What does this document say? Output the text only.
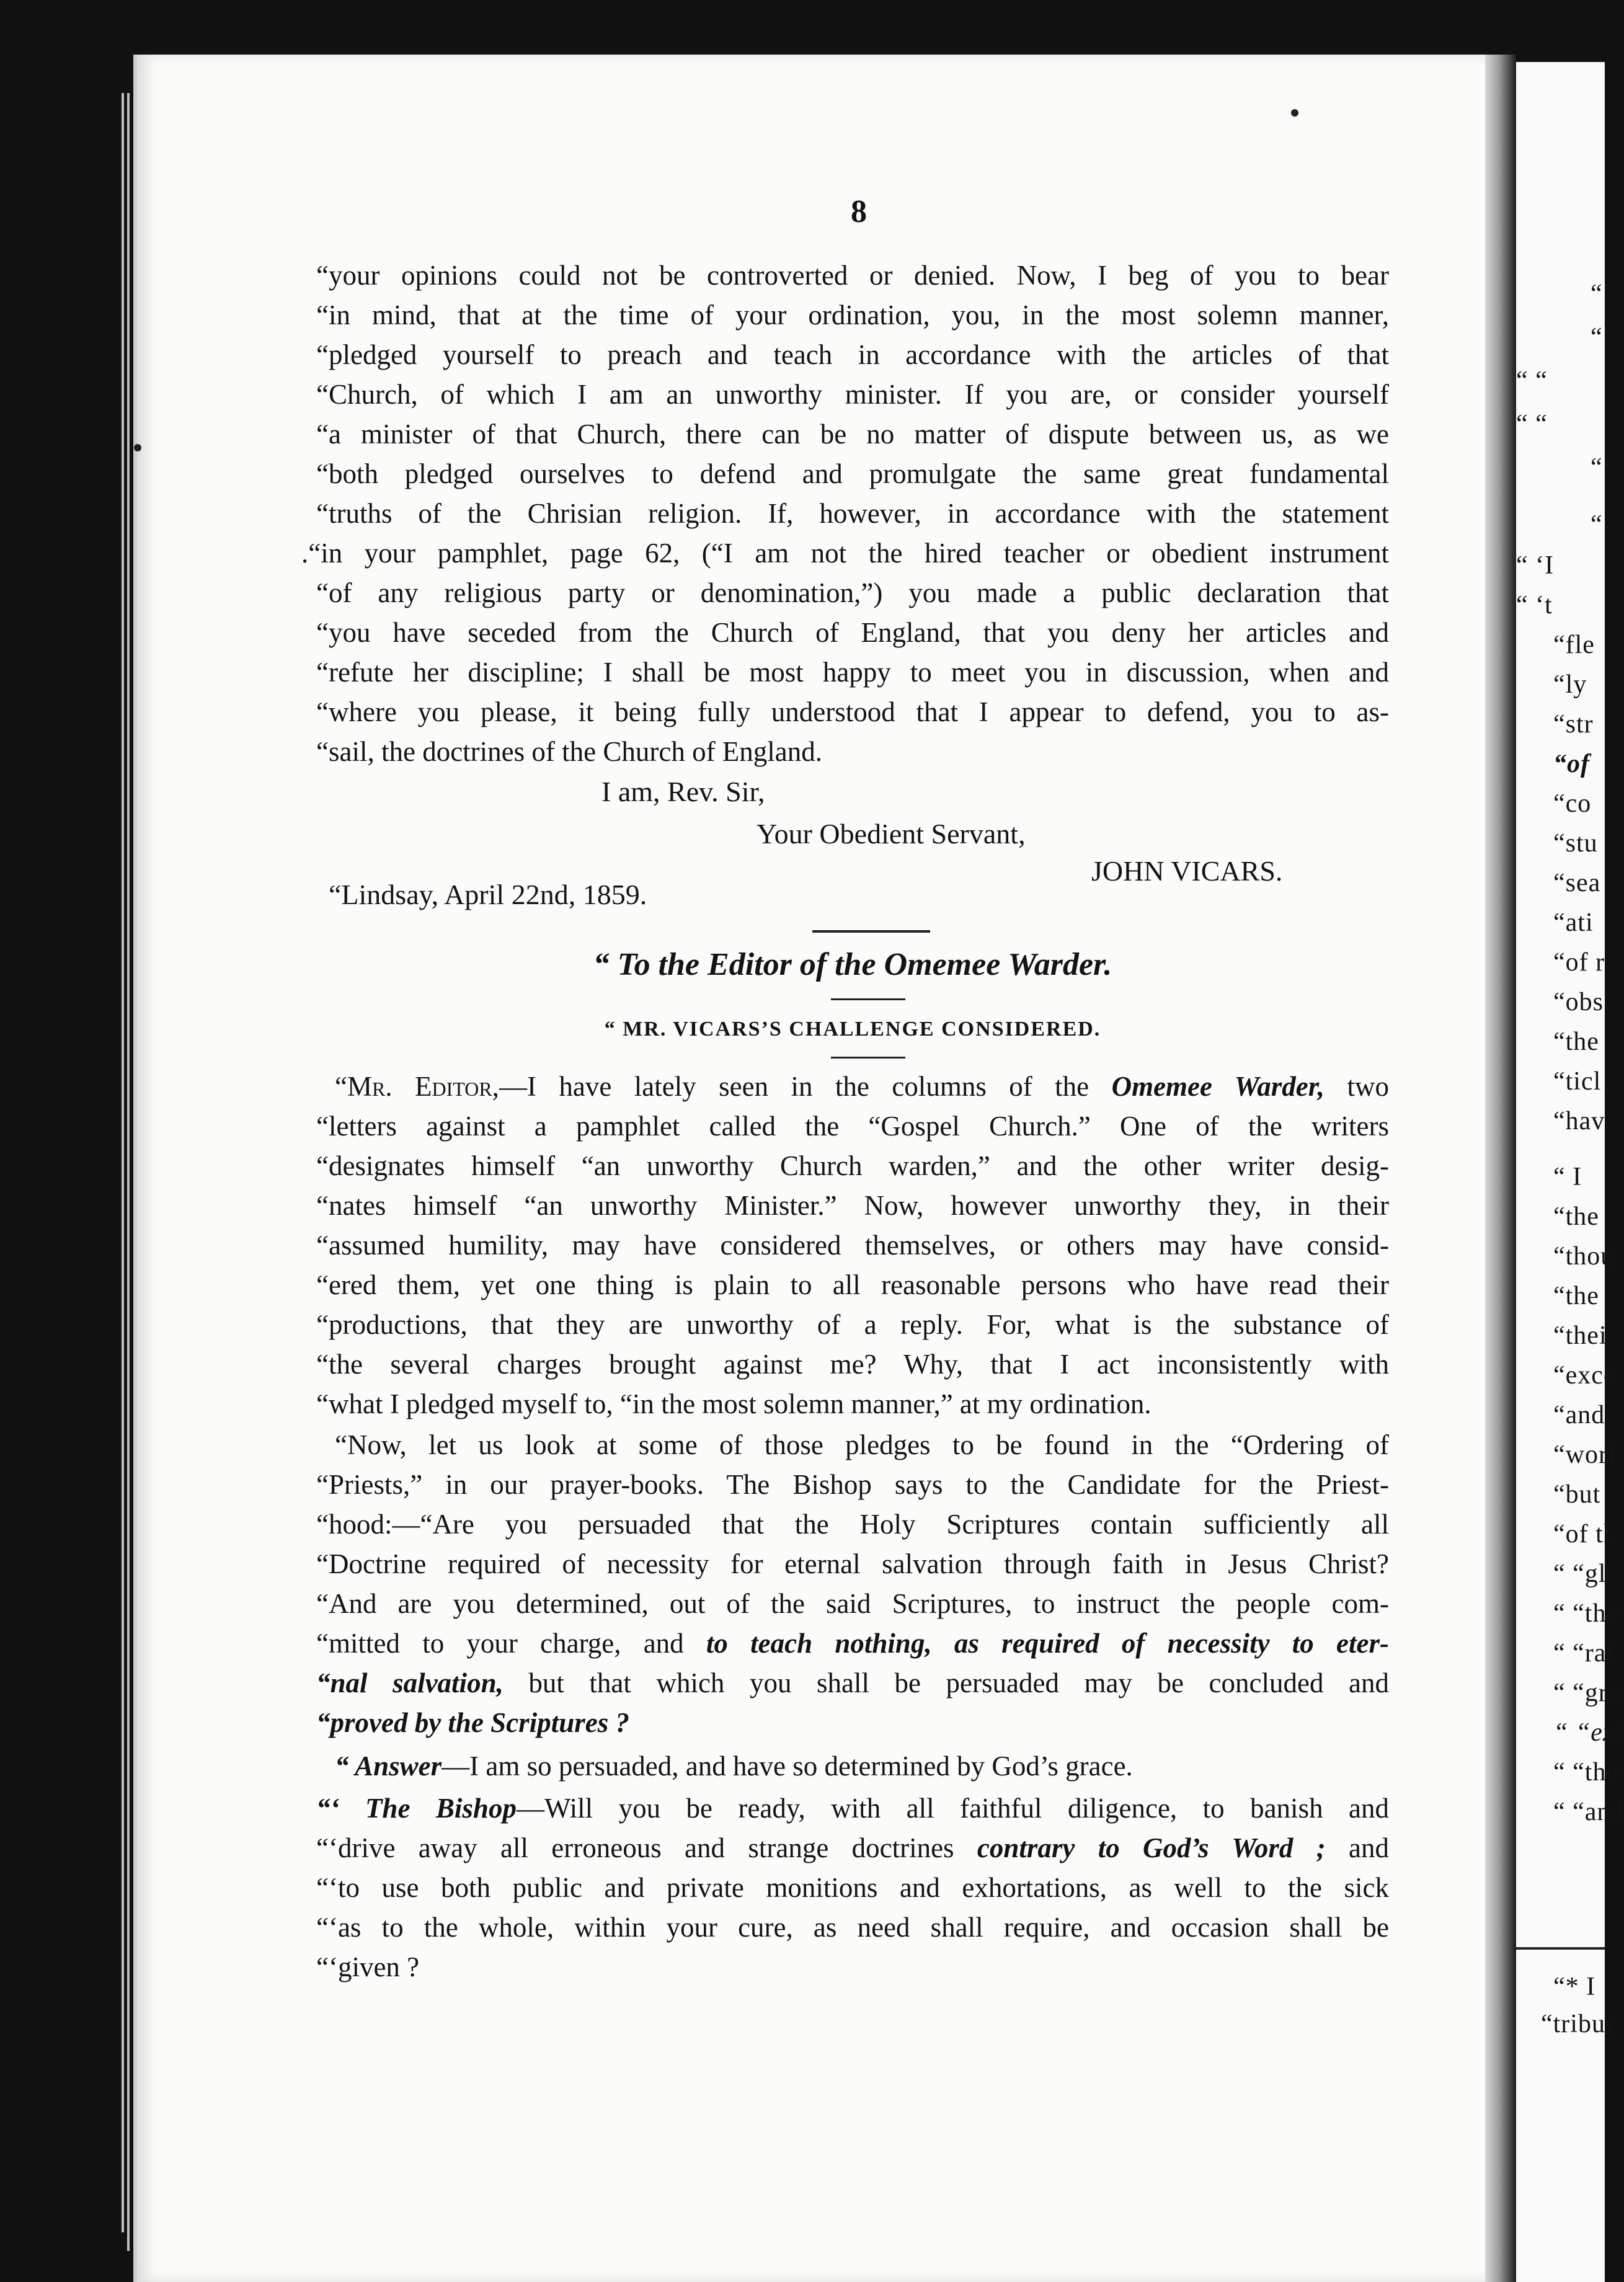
8
“your opinions could not be controverted or denied. Now, I beg of you to bear
“in mind, that at the time of your ordination, you, in the most solemn manner,
“pledged yourself to preach and teach in accordance with the articles of that
“Church, of which I am an unworthy minister. If you are, or consider yourself
“a minister of that Church, there can be no matter of dispute between us, as we
“both pledged ourselves to defend and promulgate the same great fundamental
“truths of the Chrisian religion. If, however, in accordance with the statement
.“in your pamphlet, page 62, (“I am not the hired teacher or obedient instrument
“of any religious party or denomination,”) you made a public declaration that
“you have seceded from the Church of England, that you deny her articles and
“refute her discipline; I shall be most happy to meet you in discussion, when and
“where you please, it being fully understood that I appear to defend, you to as-
“sail, the doctrines of the Church of England.
I am, Rev. Sir,
Your Obedient Servant,
JOHN VICARS.
“Lindsay, April 22nd, 1859.
“ To the Editor of the Omemee Warder.
“ MR. VICARS’S CHALLENGE CONSIDERED.
“Mr. Editor,—I have lately seen in the columns of the Omemee Warder, two
“letters against a pamphlet called the “Gospel Church.” One of the writers
“designates himself “an unworthy Church warden,” and the other writer desig-
“nates himself “an unworthy Minister.” Now, however unworthy they, in their
“assumed humility, may have considered themselves, or others may have consid-
“ered them, yet one thing is plain to all reasonable persons who have read their
“productions, that they are unworthy of a reply. For, what is the substance of
“the several charges brought against me? Why, that I act inconsistently with
“what I pledged myself to, “in the most solemn manner,” at my ordination.
“Now, let us look at some of those pledges to be found in the “Ordering of
“Priests,” in our prayer-books. The Bishop says to the Candidate for the Priest-
“hood:—“Are you persuaded that the Holy Scriptures contain sufficiently all
“Doctrine required of necessity for eternal salvation through faith in Jesus Christ?
“And are you determined, out of the said Scriptures, to instruct the people com-
“mitted to your charge, and to teach nothing, as required of necessity to eter-
“nal salvation, but that which you shall be persuaded may be concluded and
“proved by the Scriptures ?
“ Answer—I am so persuaded, and have so determined by God’s grace.
“‘ The Bishop—Will you be ready, with all faithful diligence, to banish and
“‘drive away all erroneous and strange doctrines contrary to God’s Word ; and
“‘to use both public and private monitions and exhortations, as well to the sick
“‘as to the whole, within your cure, as need shall require, and occasion shall be
“‘given ?
“
“
“ “
“ “
“
“
“ ‘I
“ ‘t
“fle
“ly
“str
“of
“co
“stu
“sea
“ati
“of r
“obs
“the
“ticl
“hav
“ I
“the
“thou
“the
“thei
“exce
“and
“worl
“but
“of tl
“ “gl
“ “the
“ “ral
“ “gre
“ “ext
“ “the
“ “and
“* I
“tribut
